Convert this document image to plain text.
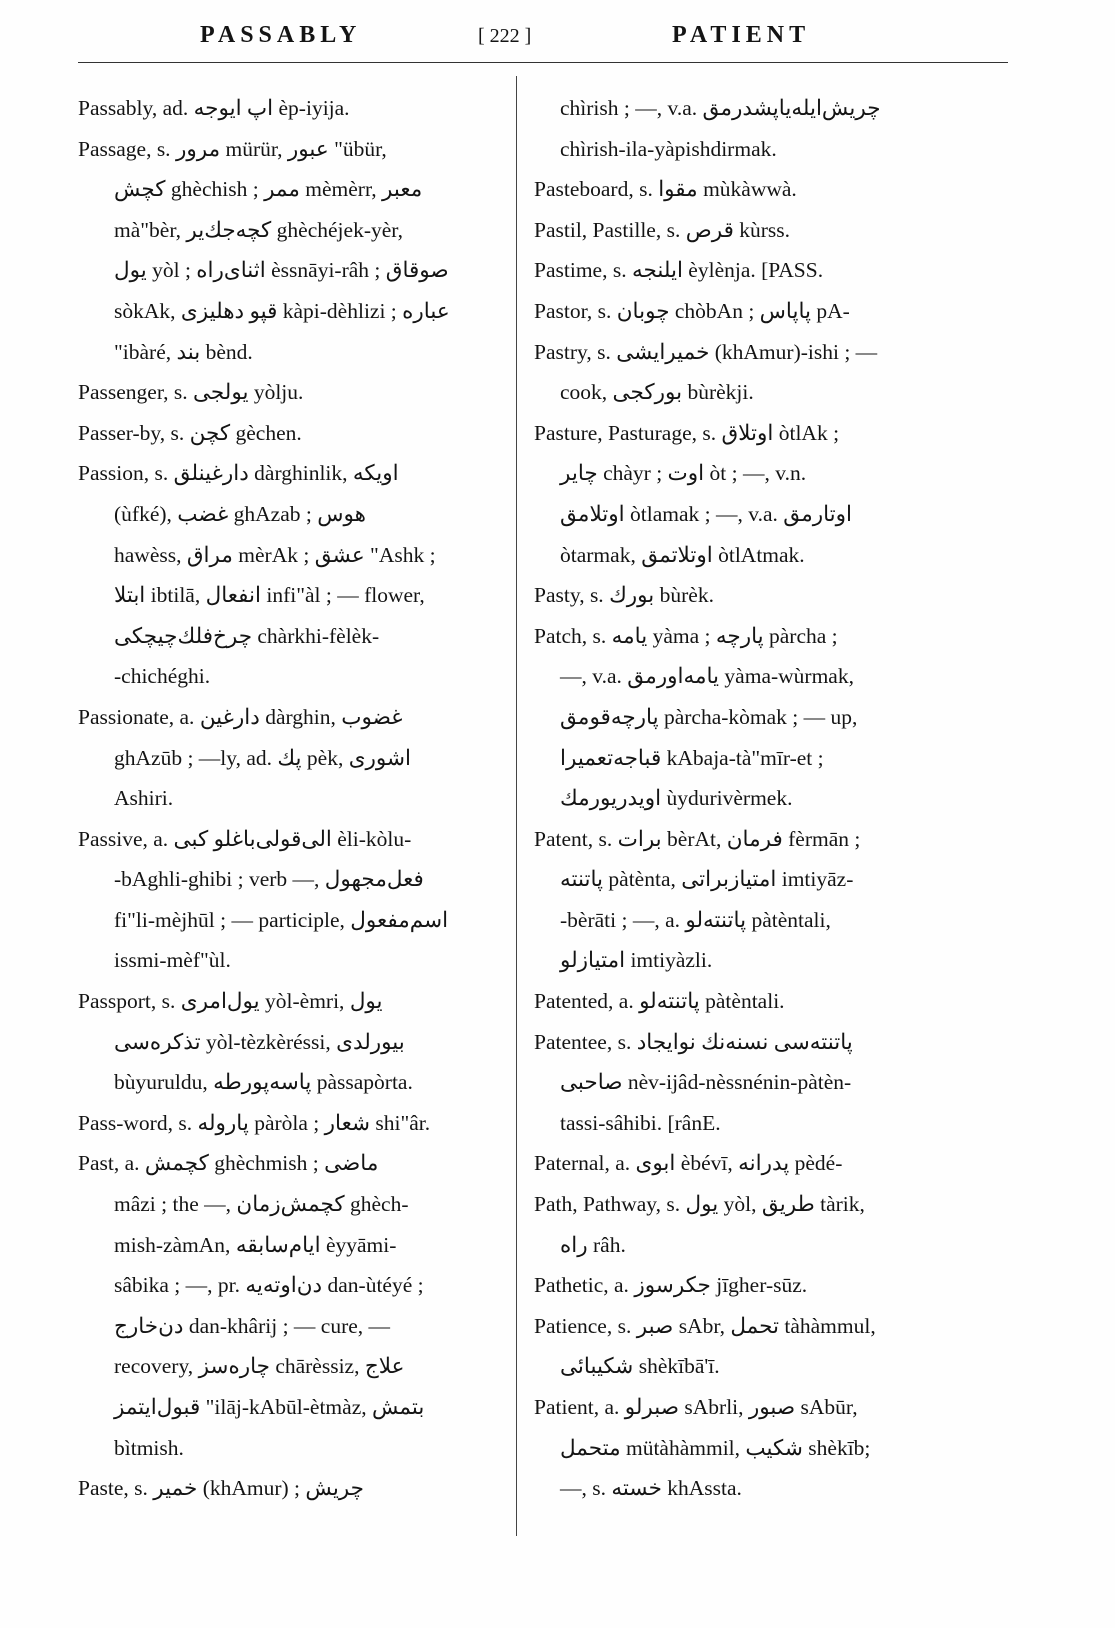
PASSABLY	[ 222 ]	PATIENT
Passably, ad. اپ ايوجه èp-iyija.
Passage, s. مرور mürür, عبور "übür,
كچش ghèchish ; ممر mèmèrr, معبر
mà"bèr, كچەجك‌ير ghèchéjek-yèr,
يول yòl ; اثناى‌راه èssnāyi-râh ; صوقاق
sòkAk, قپو دهليزى kàpi-dèhlizi ; عباره
"ibàré, بند bènd.
Passenger, s. يولجى yòlju.
Passer-by, s. كچن gèchen.
Passion, s. دارغينلق dàrghinlik, اويكه
(ùfké), غضب ghAzab ; هوس
hawèss, مراق mèrAk ; عشق "Ashk ;
ابتلا ibtilā, انفعال infi"àl ; — flower,
چرخ‌فلك‌چيچكى chàrkhi-fèlèk-
-chichéghi.
Passionate, a. دارغين dàrghin, غضوب
ghAzūb ; —ly, ad. پك pèk, اشورى
Ashiri.
Passive, a. الى‌قولى‌باغلو كبى èli-kòlu-
-bAghli-ghibi ; verb —, فعل‌مجهول
fi"li-mèjhūl ; — participle, اسم‌مفعول
issmi-mèf"ùl.
Passport, s. يول‌امرى yòl-èmri, يول
تذكرەسى yòl-tèzkèréssi, بيورلدى
bùyuruldu, پاسه‌پورطه pàssapòrta.
Pass-word, s. پاروله pàròla ; شعار shi"âr.
Past, a. كچمش ghèchmish ; ماضى
mâzi ; the —, كچمش‌زمان ghèch-
mish-zàmAn, ايام‌سابقه èyyāmi-
sâbika ; —, pr. دن‌اوته‌يه dan-ùtéyé ;
دن‌خارج dan-khârij ; — cure, —
recovery, چارەسز chārèssiz, علاج
قبول‌ايتمز "ilāj-kAbūl-ètmàz, بتمش
bìtmish.
Paste, s. خمير (khAmur) ; چريش
chìrish ; —, v.a. چريش‌ايله‌ياپشدرمق
chìrish-ila-yàpishdirmak.
Pasteboard, s. مقوا mùkàwwà.
Pastil, Pastille, s. قرص kùrss.
Pastime, s. ايلنجه èylènja. [PASS.
Pastor, s. چوبان chòbAn ; پاپاس pA-
Pastry, s. خميرايشى (khAmur)-ishi ; —
cook, بوركجى bùrèkji.
Pasture, Pasturage, s. اوتلاق òtlAk ;
چاير chàyr ; اوت òt ; —, v.n.
اوتلامق òtlamak ; —, v.a. اوتارمق
òtarmak, اوتلاتمق òtlAtmak.
Pasty, s. بورك bùrèk.
Patch, s. يامه yàma ; پارچه pàrcha ;
—, v.a. يامه‌اورمق yàma-wùrmak,
پارچه‌قومق pàrcha-kòmak ; — up,
قباجه‌تعميرا kAbaja-tà"mīr-et ;
اويدريورمك ùydurivèrmek.
Patent, s. برات bèrAt, فرمان fèrmān ;
پاتنته pàtènta, امتيازبراتى imtiyāz-
-bèrāti ; —, a. پاتنته‌لو pàtèntali,
امتيازلو imtiyàzli.
Patented, a. پاتنته‌لو pàtèntali.
Patentee, s. پاتنته‌سى نسنه‌نك نوايجاد
صاحبى nèv-ijâd-nèssnénin-pàtèn-
tassi-sâhibi. [rânE.
Paternal, a. ابوى èbévī, پدرانه pèdé-
Path, Pathway, s. يول yòl, طريق tàrik,
راه râh.
Pathetic, a. جكرسوز jīgher-sūz.
Patience, s. صبر sAbr, تحمل tàhàmmul,
شكيبائى shèkībā'ī.
Patient, a. صبرلو sAbrli, صبور sAbūr,
متحمل mütàhàmmil, شكيب shèkīb;
—, s. خسته khAssta.
